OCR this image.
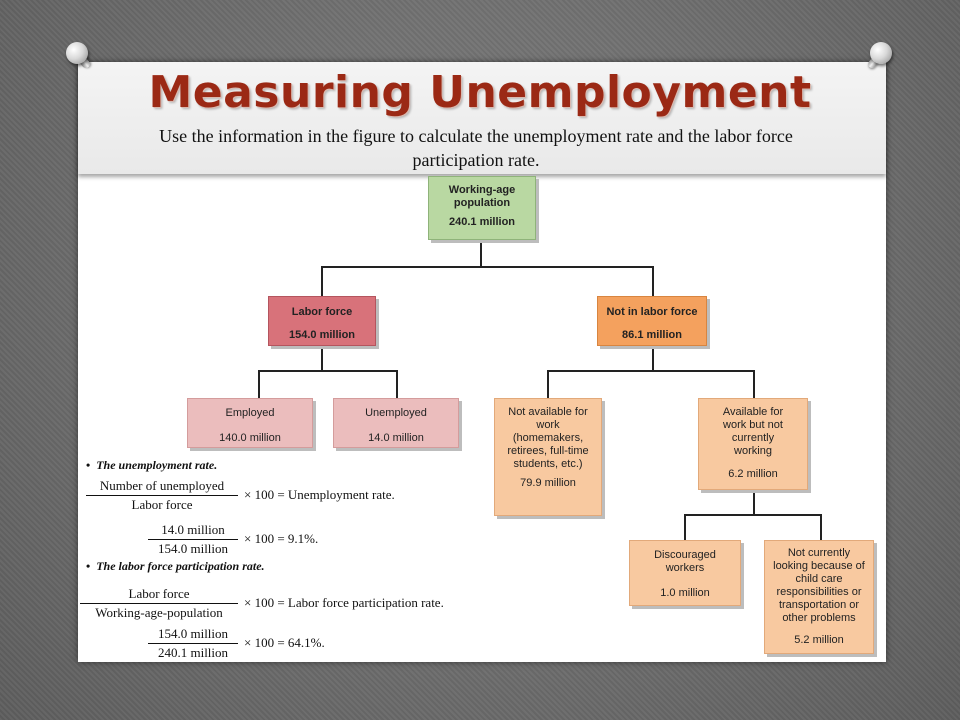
Measuring Unemployment
Use the information in the figure to calculate the unemployment rate and the labor force participation rate.
Working-age population
240.1 million
Labor force
154.0 million
Not in labor force
86.1 million
Employed
140.0 million
Unemployed
14.0 million
Not available for work (homemakers, retirees, full-time students, etc.)
79.9 million
Available for work but not currently working
6.2 million
Discouraged workers
1.0 million
Not currently looking because of child care responsibilities or transportation or other problems
5.2 million
• The unemployment rate.
Number of unemployed
Labor force
× 100 = Unemployment rate.
14.0 million
154.0 million
× 100 = 9.1%.
• The labor force participation rate.
Labor force
Working-age-population
× 100 = Labor force participation rate.
154.0 million
240.1 million
× 100 = 64.1%.
